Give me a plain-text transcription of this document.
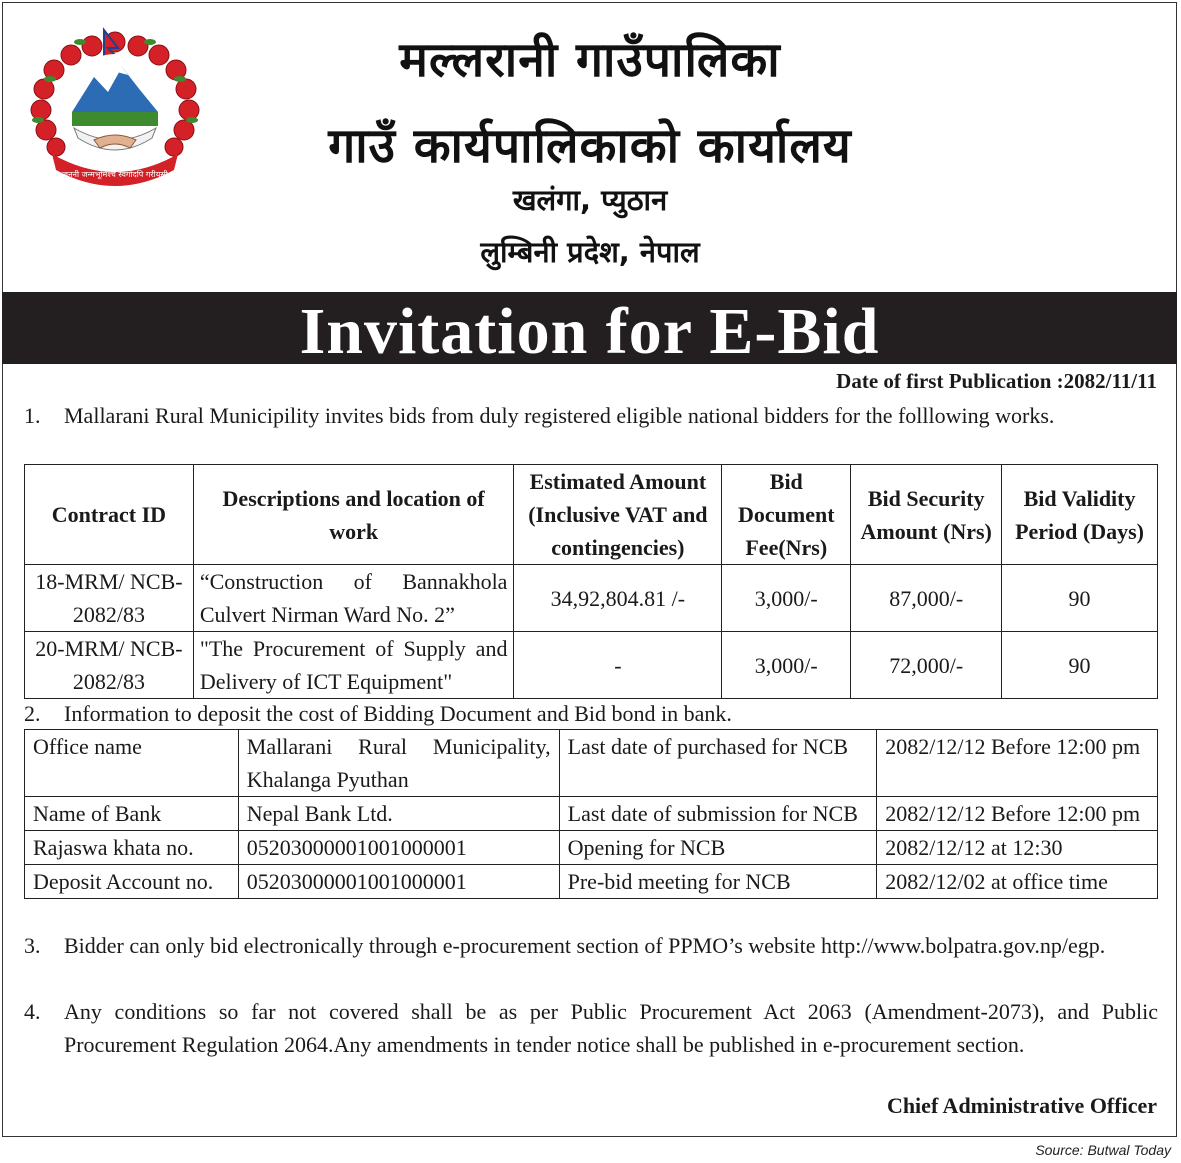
जननी जन्मभूमिश्च स्वर्गादपि गरीयसी
मल्लरानी गाउँपालिका
गाउँ कार्यपालिकाको कार्यालय
खलंगा, प्युठान
लुम्बिनी प्रदेश, नेपाल
Invitation for E-Bid
Date of first Publication :2082/11/11
1. Mallarani Rural Municipility invites bids from duly registered eligible national bidders for the folllowing works.
Contract ID	Descriptions and location of work	Estimated Amount (Inclusive VAT and contingencies)	Bid Document Fee(Nrs)	Bid Security Amount (Nrs)	Bid Validity Period (Days)
18-MRM/ NCB-2082/83	“Construction of Bannakhola Culvert Nirman Ward No. 2”	34,92,804.81 /-	3,000/-	87,000/-	90
20-MRM/ NCB-2082/83	"The Procurement of Supply and Delivery of ICT Equipment"	-	3,000/-	72,000/-	90
2. Information to deposit the cost of Bidding Document and Bid bond in bank.
Office name	Mallarani Rural Municipality, Khalanga Pyuthan	Last date of purchased for NCB	2082/12/12 Before 12:00 pm
Name of Bank	Nepal Bank Ltd.	Last date of submission for NCB	2082/12/12 Before 12:00 pm
Rajaswa khata no.	05203000001001000001	Opening for NCB	2082/12/12 at 12:30
Deposit Account no.	05203000001001000001	Pre-bid meeting for NCB	2082/12/02 at office time
3. Bidder can only bid electronically through e-procurement section of PPMO’s website http://www.bolpatra.gov.np/egp.
4. Any conditions so far not covered shall be as per Public Procurement Act 2063 (Amendment-2073), and Public Procurement Regulation 2064.Any amendments in tender notice shall be published in e-procurement section.
Chief Administrative Officer
Source: Butwal Today
